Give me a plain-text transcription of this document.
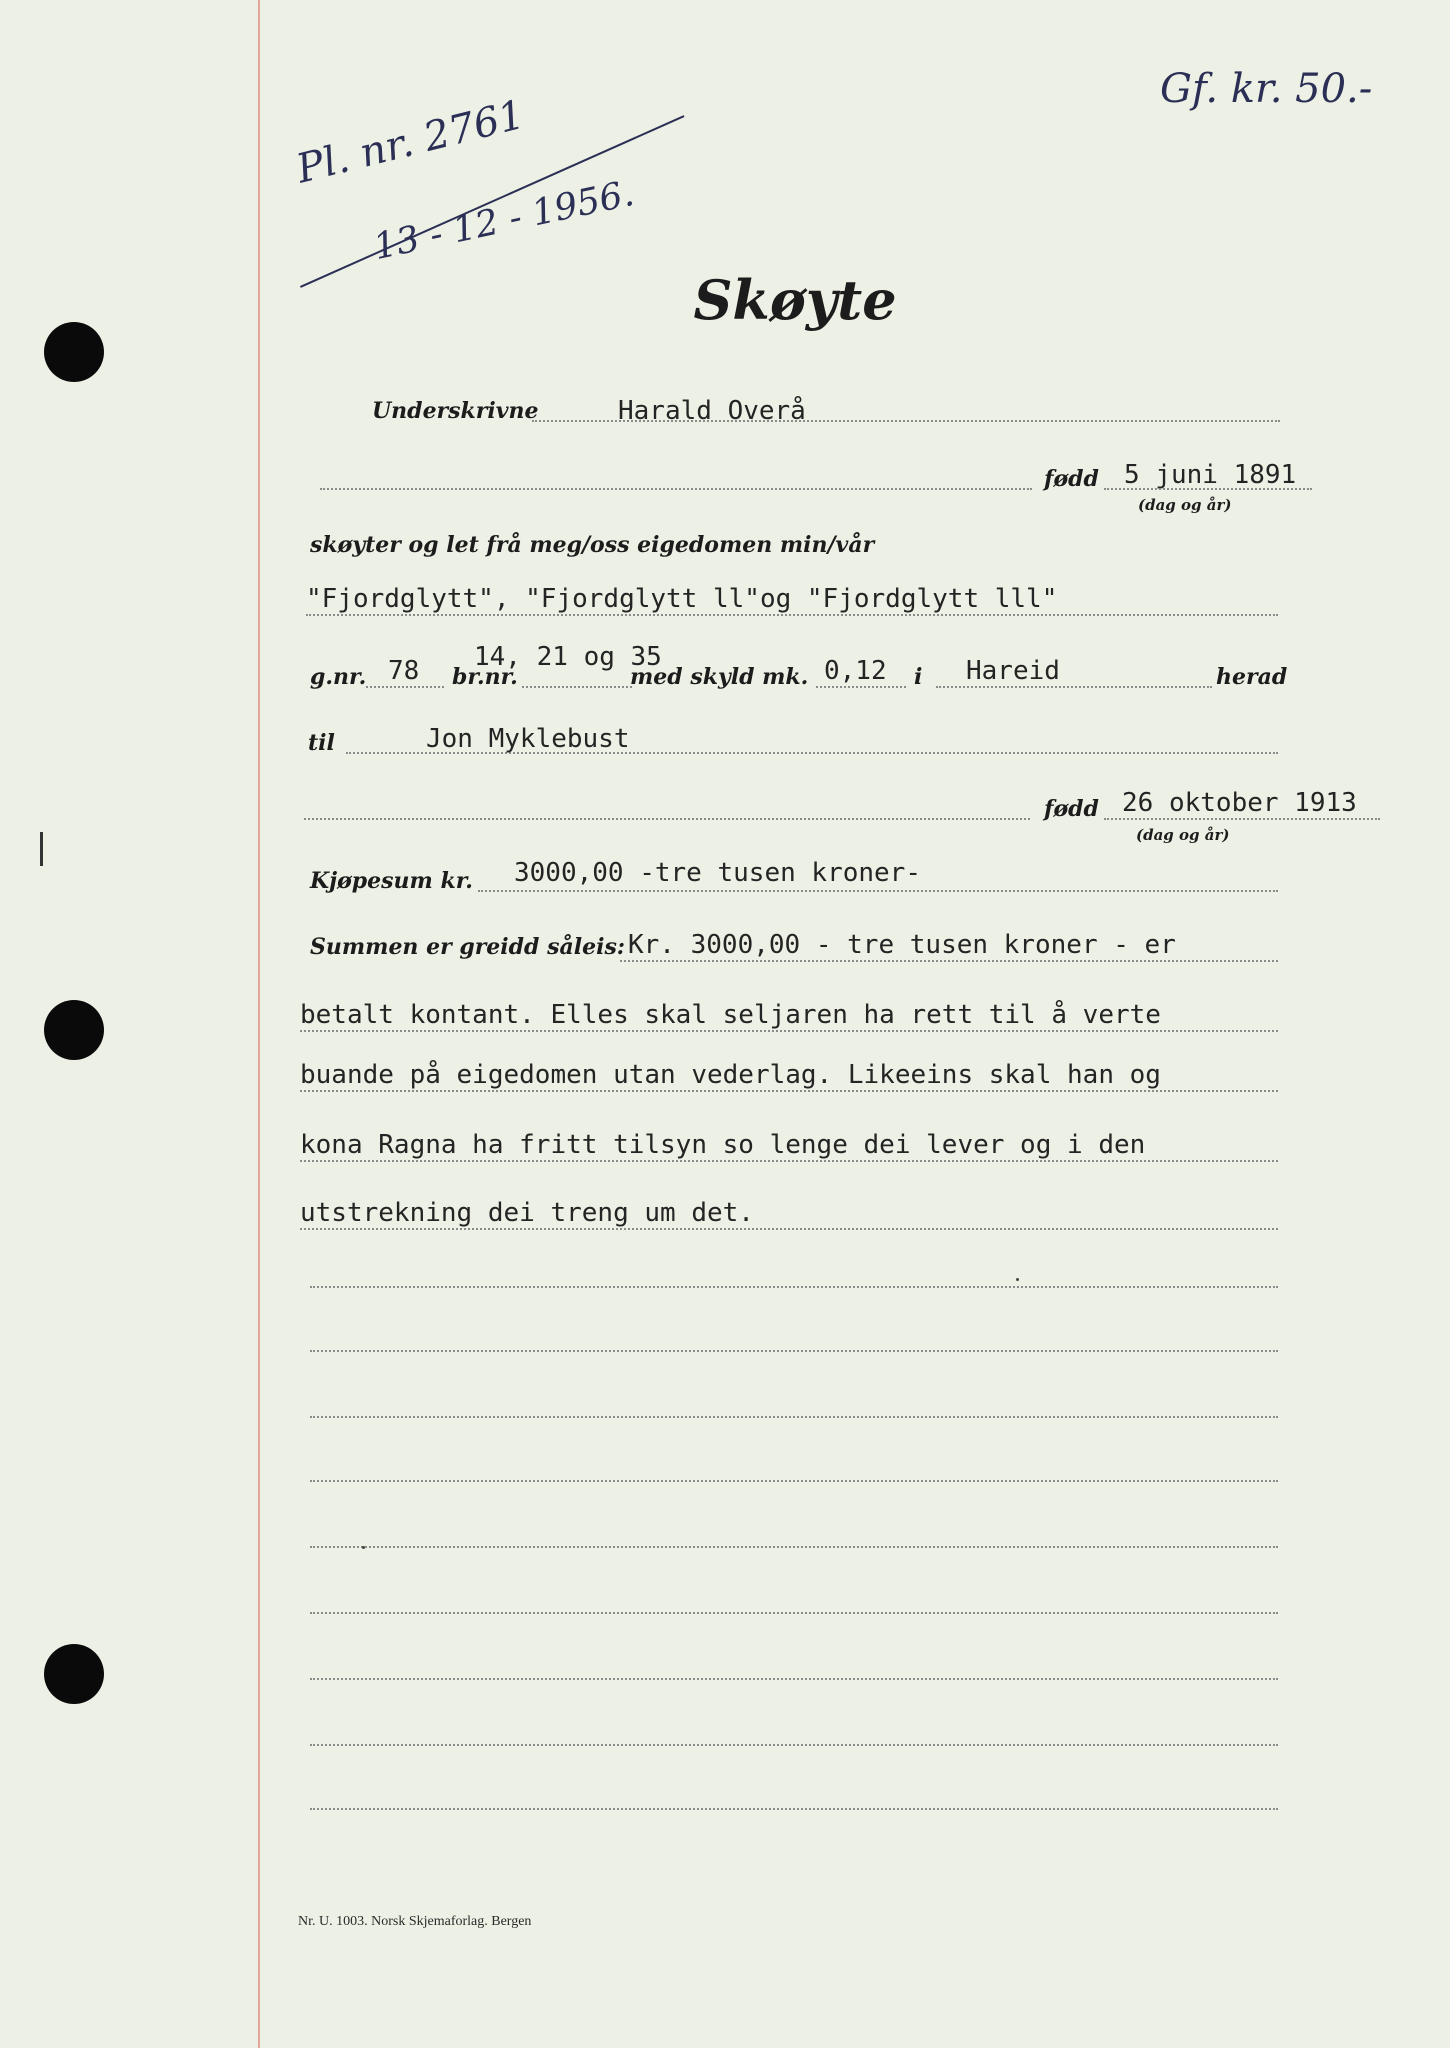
Pl. nr. 2761
13 - 12 - 1956.
Gf. kr. 50.-
Skøyte
Underskrivne	Harald Overå
fødd 5 juni 1891
(dag og år)
skøyter og let frå meg/oss eigedomen min/vår
"Fjordglytt", "Fjordglytt ll"og "Fjordglytt lll"
g.nr. 78 br.nr.
14, 21 og 35
med skyld mk. 0,12 i Hareid	herad
til	Jon Myklebust
fødd 26 oktober 1913
(dag og år)
Kjøpesum kr. 3000,00 -tre tusen kroner-
Summen er greidd såleis: Kr. 3000,00 - tre tusen kroner - er
betalt kontant. Elles skal seljaren ha rett til å verte
buande på eigedomen utan vederlag. Likeeins skal han og
kona Ragna ha fritt tilsyn so lenge dei lever og i den
utstrekning dei treng um det.
Nr. U. 1003. Norsk Skjemaforlag. Bergen
